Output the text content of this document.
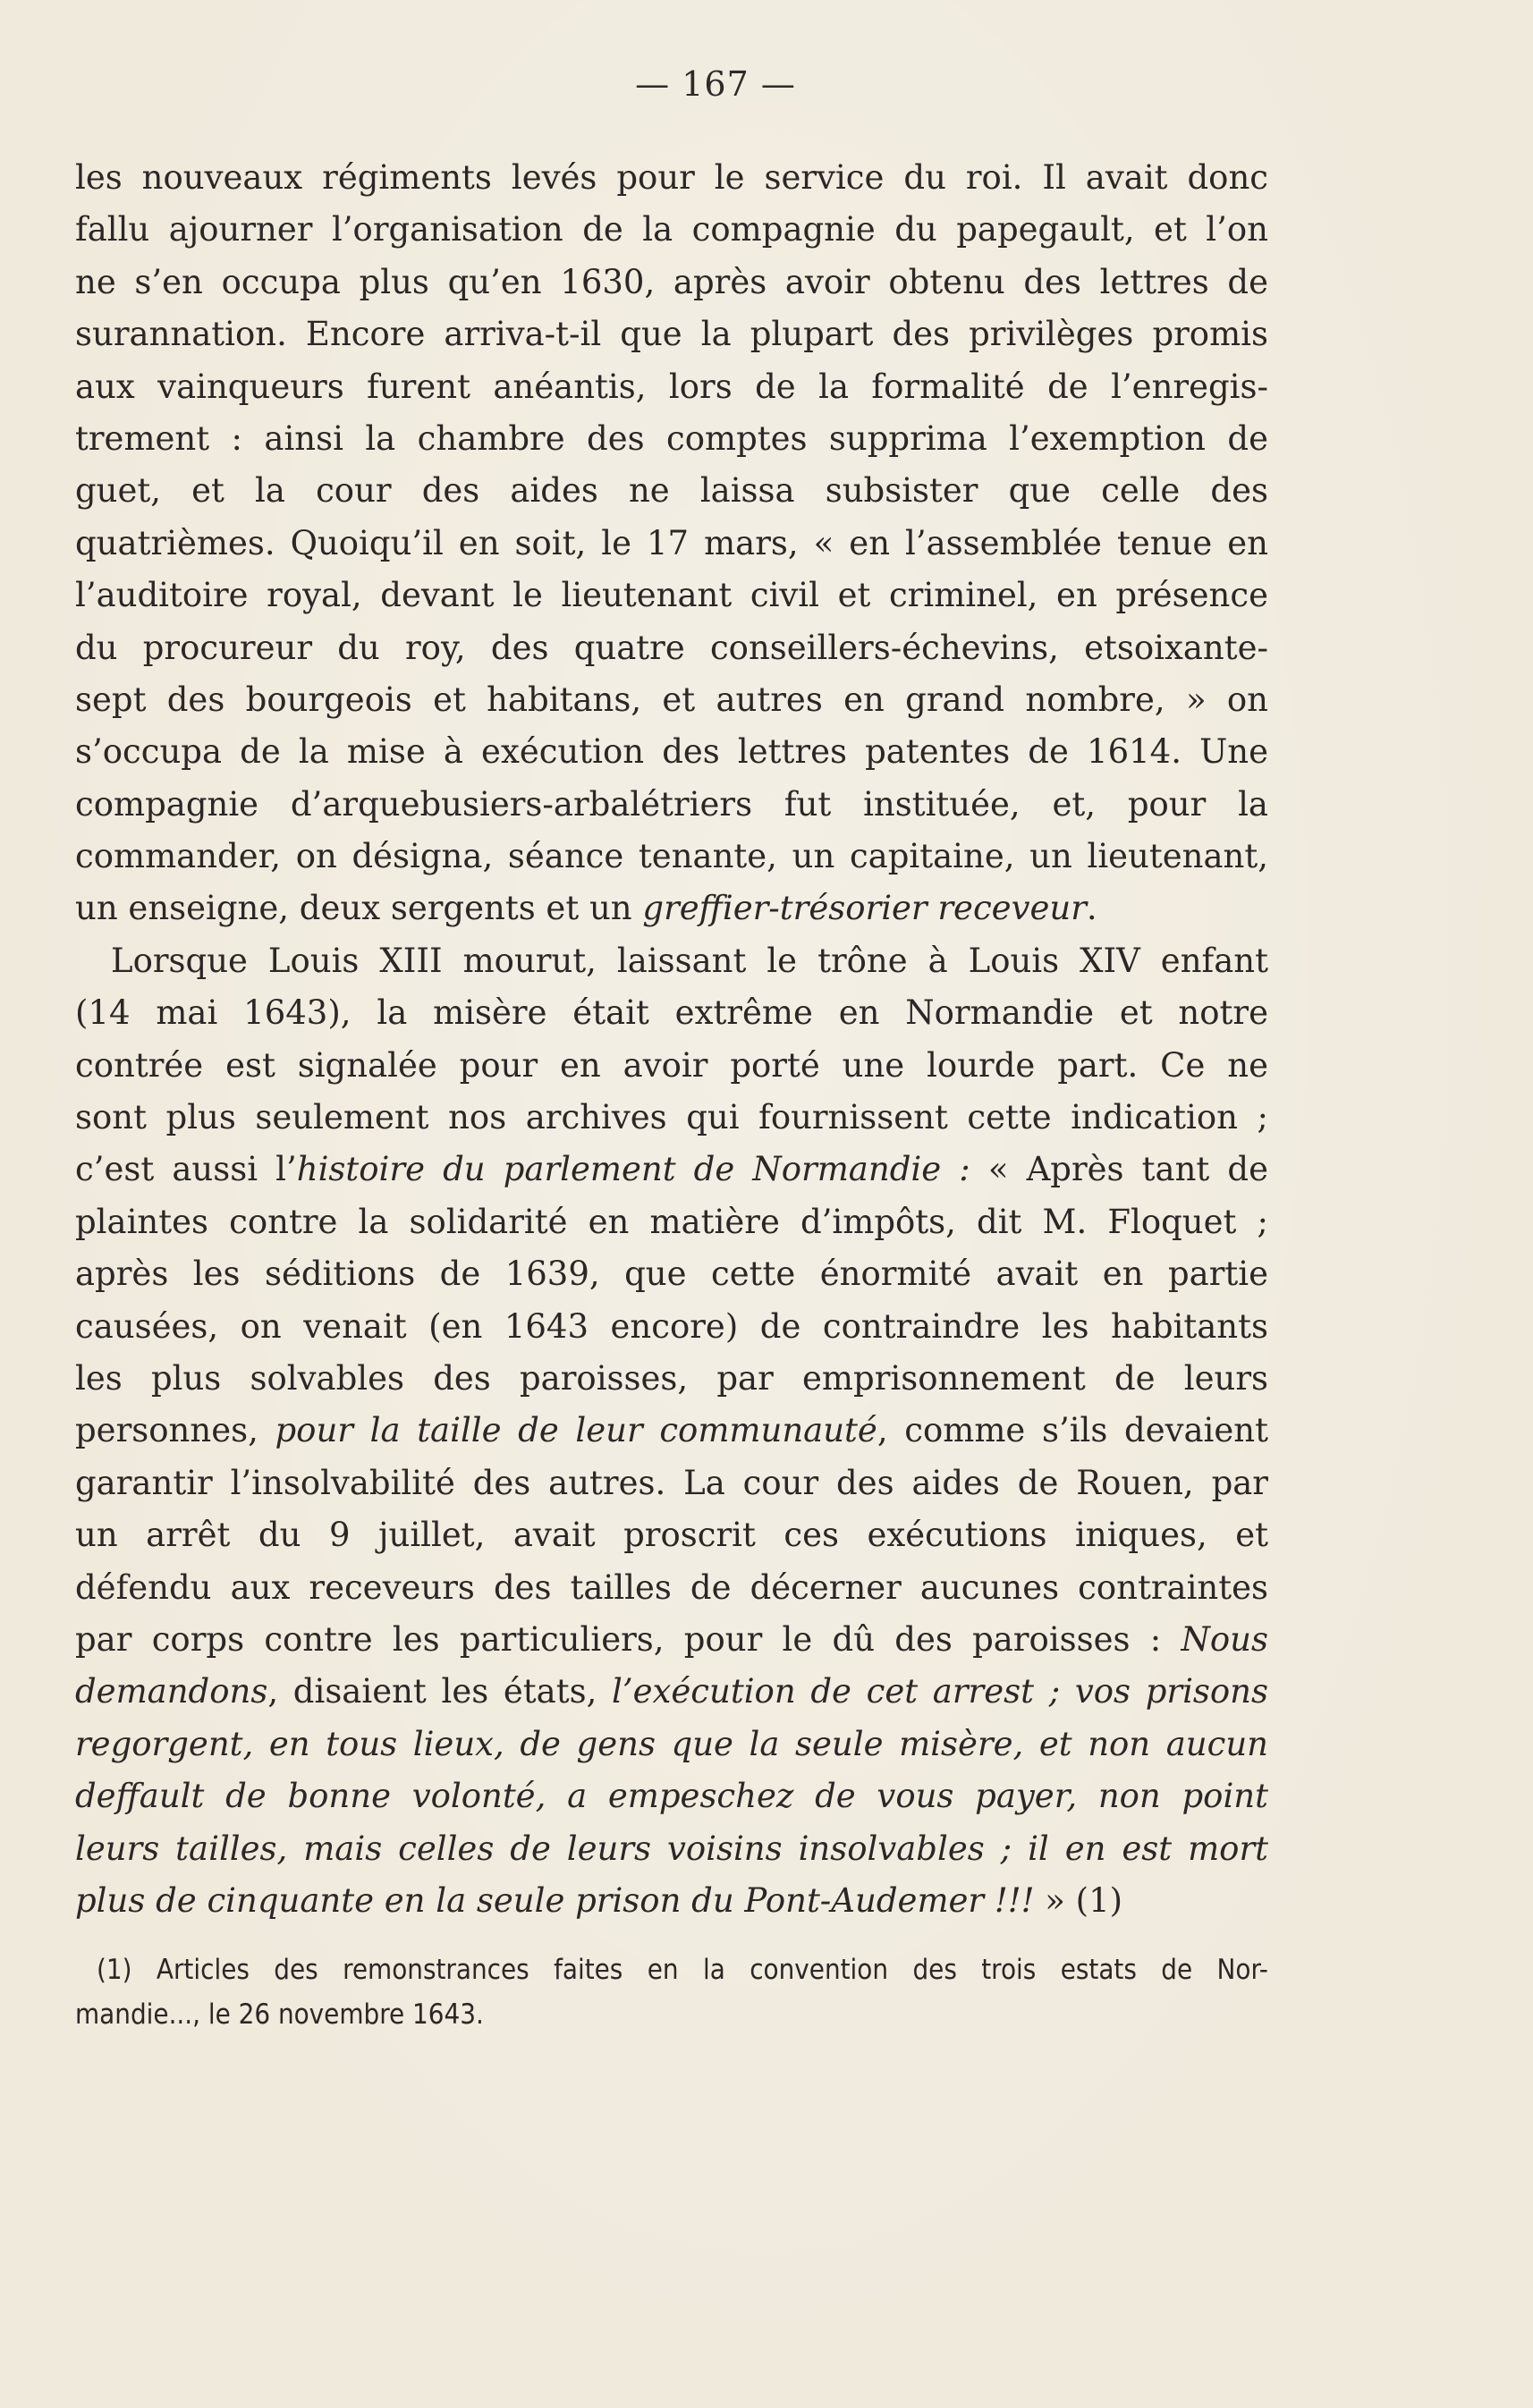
— 167 —
les nouveaux régiments levés pour le service du roi. Il avait donc
fallu ajourner l’organisation de la compagnie du papegault, et l’on
ne s’en occupa plus qu’en 1630, après avoir obtenu des lettres de
surannation. Encore arriva-t-il que la plupart des privilèges promis
aux vainqueurs furent anéantis, lors de la formalité de l’enregis-
trement : ainsi la chambre des comptes supprima l’exemption de
guet, et la cour des aides ne laissa subsister que celle des
quatrièmes. Quoiqu’il en soit, le 17 mars, « en l’assemblée tenue en
l’auditoire royal, devant le lieutenant civil et criminel, en présence
du procureur du roy, des quatre conseillers-échevins, etsoixante-
sept des bourgeois et habitans, et autres en grand nombre, » on
s’occupa de la mise à exécution des lettres patentes de 1614. Une
compagnie d’arquebusiers-arbalétriers fut instituée, et, pour la
commander, on désigna, séance tenante, un capitaine, un lieutenant,
un enseigne, deux sergents et un greffier-trésorier receveur.
Lorsque Louis XIII mourut, laissant le trône à Louis XIV enfant
(14 mai 1643), la misère était extrême en Normandie et notre
contrée est signalée pour en avoir porté une lourde part. Ce ne
sont plus seulement nos archives qui fournissent cette indication ;
c’est aussi l’histoire du parlement de Normandie : « Après tant de
plaintes contre la solidarité en matière d’impôts, dit M. Floquet ;
après les séditions de 1639, que cette énormité avait en partie
causées, on venait (en 1643 encore) de contraindre les habitants
les plus solvables des paroisses, par emprisonnement de leurs
personnes, pour la taille de leur communauté, comme s’ils devaient
garantir l’insolvabilité des autres. La cour des aides de Rouen, par
un arrêt du 9 juillet, avait proscrit ces exécutions iniques, et
défendu aux receveurs des tailles de décerner aucunes contraintes
par corps contre les particuliers, pour le dû des paroisses : Nous
demandons, disaient les états, l’exécution de cet arrest ; vos prisons
regorgent, en tous lieux, de gens que la seule misère, et non aucun
deffault de bonne volonté, a empeschez de vous payer, non point
leurs tailles, mais celles de leurs voisins insolvables ; il en est mort
plus de cinquante en la seule prison du Pont-Audemer !!! » (1)
(1) Articles des remonstrances faites en la convention des trois estats de Nor-
mandie..., le 26 novembre 1643.
